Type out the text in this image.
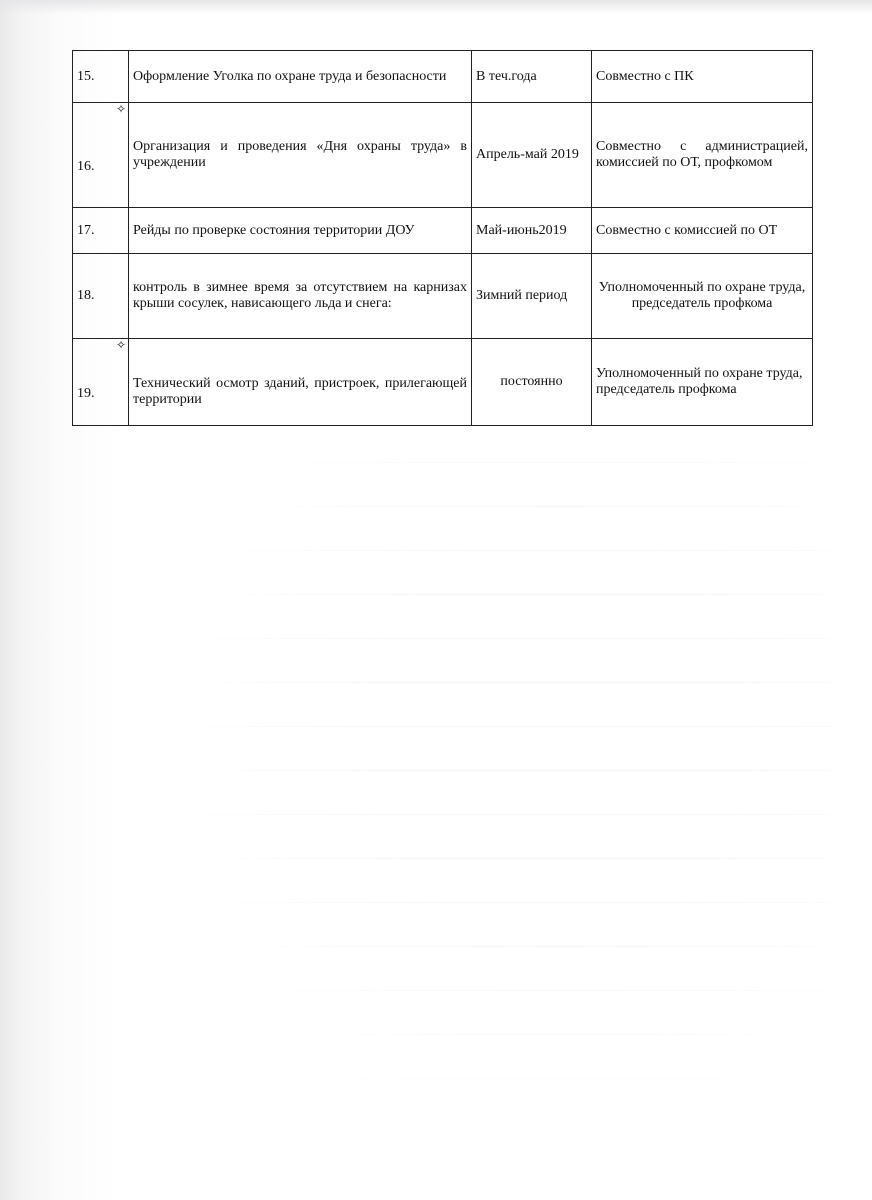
15.	Оформление Уголка по охране труда и безопасности	В теч.года	Совместно с ПК

✧
16.	Организация и проведения «Дня охраны труда» в учреждении	Апрель-май 2019	Совместно с администрацией, комиссией по ОТ, профкомом
17.	Рейды по проверке состояния территории ДОУ	Май-июнь2019	Совместно с комиссией по ОТ
18.	контроль в зимнее время за отсутствием на карнизах крыши сосулек, нависающего льда и снега:	Зимний период	Уполномоченный по охране труда, председатель профкома

✧
19.	Технический осмотр зданий, пристроек, прилегающей территории	постоянно	Уполномоченный по охране труда, председатель профкома
